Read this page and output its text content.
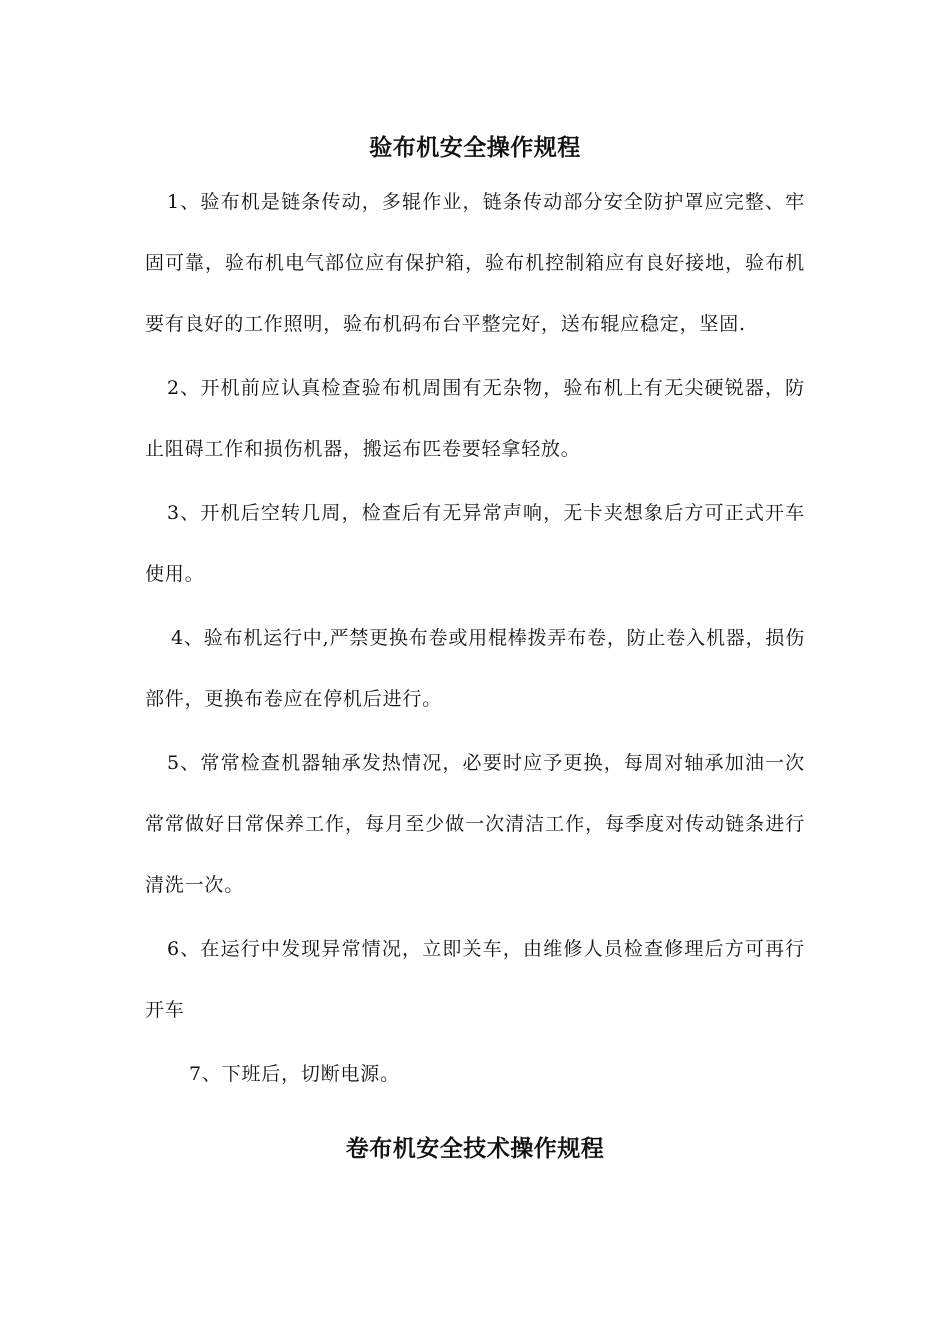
验布机安全操作规程

1、验布机是链条传动，多辊作业，链条传动部分安全防护罩应完整、牢固可靠，验布机电气部位应有保护箱，验布机控制箱应有良好接地，验布机要有良好的工作照明，验布机码布台平整完好，送布辊应稳定，坚固.

2、开机前应认真检查验布机周围有无杂物，验布机上有无尖硬锐器，防止阻碍工作和损伤机器，搬运布匹卷要轻拿轻放。

3、开机后空转几周，检查后有无异常声响，无卡夹想象后方可正式开车使用。

4、验布机运行中,严禁更换布卷或用棍棒拨弄布卷，防止卷入机器，损伤部件，更换布卷应在停机后进行。

5、常常检查机器轴承发热情况，必要时应予更换，每周对轴承加油一次常常做好日常保养工作，每月至少做一次清洁工作，每季度对传动链条进行清洗一次。

6、在运行中发现异常情况，立即关车，由维修人员检查修理后方可再行开车

7、下班后，切断电源。

卷布机安全技术操作规程
